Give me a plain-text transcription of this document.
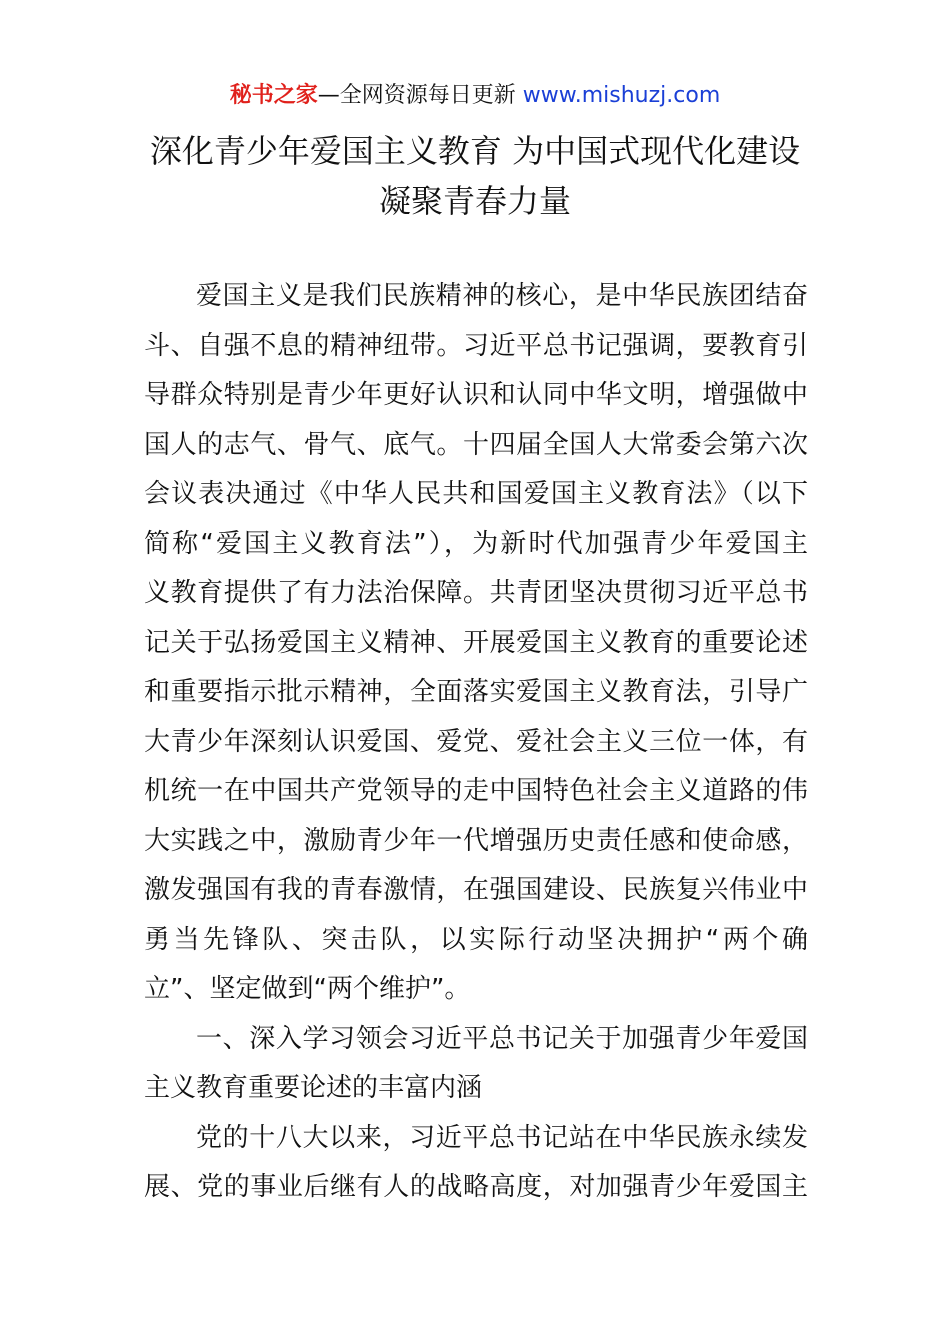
秘书之家—全网资源每日更新 www.mishuzj.com
深化青少年爱国主义教育 为中国式现代化建设
凝聚青春力量
爱国主义是我们民族精神的核心，是中华民族团结奋
斗、自强不息的精神纽带。习近平总书记强调，要教育引
导群众特别是青少年更好认识和认同中华文明，增强做中
国人的志气、骨气、底气。十四届全国人大常委会第六次
会议表决通过《中华人民共和国爱国主义教育法》（以下
简称“爱国主义教育法”），为新时代加强青少年爱国主
义教育提供了有力法治保障。共青团坚决贯彻习近平总书
记关于弘扬爱国主义精神、开展爱国主义教育的重要论述
和重要指示批示精神，全面落实爱国主义教育法，引导广
大青少年深刻认识爱国、爱党、爱社会主义三位一体，有
机统一在中国共产党领导的走中国特色社会主义道路的伟
大实践之中，激励青少年一代增强历史责任感和使命感，
激发强国有我的青春激情，在强国建设、民族复兴伟业中
勇当先锋队、突击队，以实际行动坚决拥护“两个确
立”、坚定做到“两个维护”。
一、深入学习领会习近平总书记关于加强青少年爱国
主义教育重要论述的丰富内涵
党的十八大以来，习近平总书记站在中华民族永续发
展、党的事业后继有人的战略高度，对加强青少年爱国主
